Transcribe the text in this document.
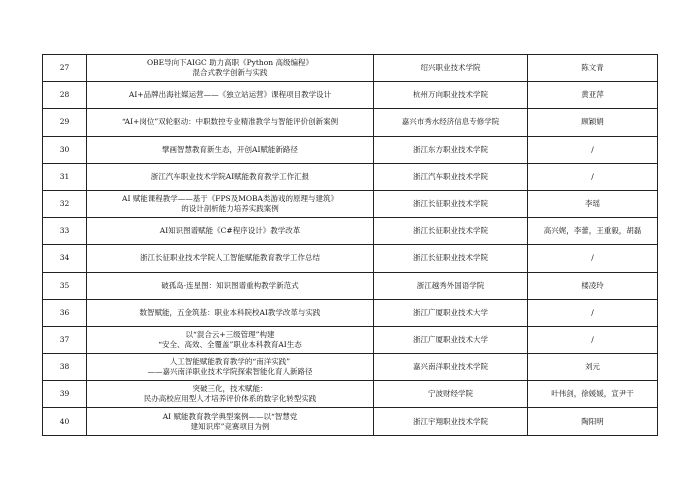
27	OBE导向下AIGC 助力高职《Python 高级编程》
混合式教学创新与实践	绍兴职业技术学院	陈文青
28	AI+品牌出海社媒运营——《独立站运营》课程项目教学设计	杭州万向职业技术学院	黄亚萍
29	“AI+岗位”双轮驱动：中职数控专业精准教学与智能评价创新案例	嘉兴市秀水经济信息专修学院	顾颖娟
30	擘画智慧教育新生态，开创AI赋能新路径	浙江东方职业技术学院	/
31	浙江汽车职业技术学院AI赋能教育教学工作汇报	浙江汽车职业技术学院	/
32	AI 赋能课程教学——基于《FPS及MOBA类游戏的原理与建筑》
的设计剖析能力培养实践案例	浙江长征职业技术学院	李瑶
33	AI知识图谱赋能《C#程序设计》教学改革	浙江长征职业技术学院	高兴娓，李蕾，王重毅，胡磊
34	浙江长征职业技术学院人工智能赋能教育教学工作总结	浙江长征职业技术学院	/
35	破孤岛·连星图：知识图谱重构教学新范式	浙江越秀外国语学院	楼凌玲
36	数智赋能，五金筑基：职业本科院校AI教学改革与实践	浙江广厦职业技术大学	/
37	以“混合云+三级管理”构建
“安全、高效、全覆盖”职业本科教育AI生态	浙江广厦职业技术大学	/
38	人工智能赋能教育教学的“南洋实践”
——嘉兴南洋职业技术学院探索智能化育人新路径	嘉兴南洋职业技术学院	刘元
39	突破三化，技术赋能：
民办高校应用型人才培养评价体系的数字化转型实践	宁波财经学院	叶伟剑，徐媛媛，宣尹干
40	AI 赋能教育教学典型案例——以“智慧党
建知识库”竞赛项目为例	浙江宇翔职业技术学院	陶阳明
